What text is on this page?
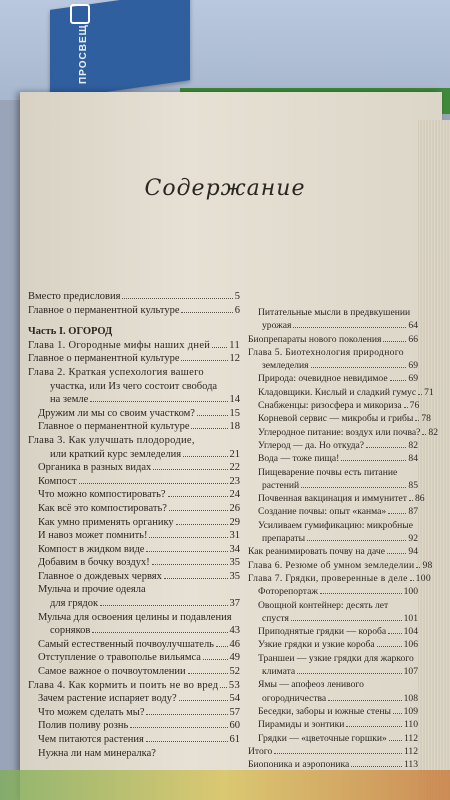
ПРОСВЕЩ
Содержание
Вместо предисловия	5
Главное о перманентной культуре	6
Часть I. ОГОРОД
Глава 1. Огородные мифы наших дней 11
Главное о перманентной культуре	12
Глава 2. Краткая успехология вашего
участка, или Из чего состоит свобода
на земле	14
Дружим ли мы со своим участком?	15
Главное о перманентной культуре	18
Глава 3. Как улучшать плодородие,
или краткий курс земледелия	21
Органика в разных видах	22
Компост	23
Что можно компостировать?	24
Как всё это компостировать?	26
Как умно применять органику	29
И навоз может помнить!	31
Компост в жидком виде	34
Добавим в бочку воздух!	35
Главное о дождевых червях	35
Мульча и прочие одеяла
для грядок	37
Мульча для освоения целины и подавления
сорняков	43
Самый естественный почвоулучшатель 46
Отступление о травопольe вильямса	49
Самое важное о почвоутомлении	52
Глава 4. Как кормить и поить не во вред 53
Зачем растение испаряет воду?	54
Что можем сделать мы?	57
Полив поливу рознь	60
Чем питаются растения	61
Нужна ли нам минералка?
Питательные мысли в предвкушении
урожая	64
Биопрепараты нового поколения	66
Глава 5. Биотехнология природного
земледелия	69
Природа: очевидное невидимое 69
Кладовщики. Кислый и сладкий гумус 71
Снабженцы: ризосфера и микориза 76
Корневой сервис — микробы и грибы 78
Углеродное питание: воздух или почва? 82
Углерод — да. Но откуда?	82
Вода — тоже пища!	84
Пищеварение почвы есть питание
растений	85
Почвенная вакцинация и иммунитет 86
Создание почвы: опыт «канма» 87
Усиливаем гумификацию: микробные
препараты	92
Как реанимировать почву на даче 94
Глава 6. Резюме об умном земледелии 98
Глава 7. Грядки, проверенные в деле 100
Фоторепортаж	100
Овощной контейнер: десять лет
спустя	101
Приподнятые грядки — короба 104
Узкие грядки и узкие короба	106
Траншеи — узкие грядки для жаркого
климата	107
Ямы — апофеоз ленивого
огородничества	108
Беседки, заборы и южные стены 109
Пирамиды и зонтики	110
Грядки — «цветочные горшки» 112
Итого	112
Биопоника и аэропоника	113
